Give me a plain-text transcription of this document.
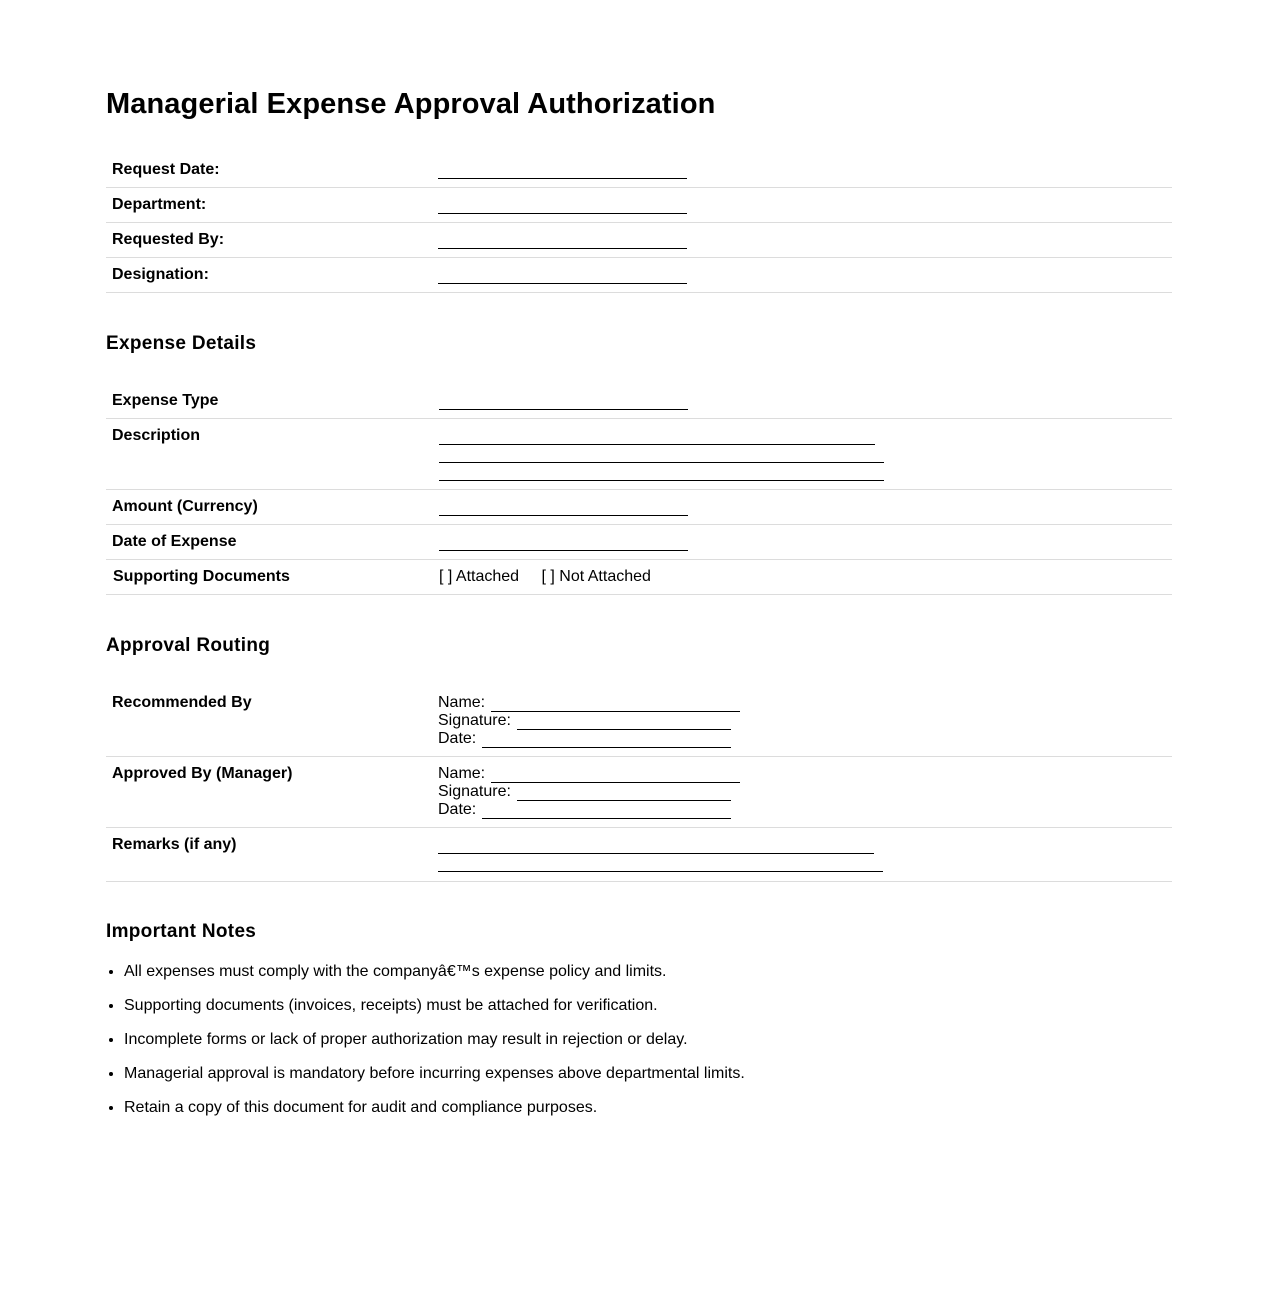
Managerial Expense Approval Authorization
Request Date:	

Department:	

Requested By:	

Designation:	
Expense Details
Expense Type	

Description	

Amount (Currency)	

Date of Expense	

Supporting Documents	[ ] Attached [ ] Not Attached
Approval Routing
Recommended By	Name:
Signature:
Date:

Approved By (Manager)	Name:
Signature:
Date:

Remarks (if any)	
Important Notes
• All expenses must comply with the companyâ€™s expense policy and limits.
• Supporting documents (invoices, receipts) must be attached for verification.
• Incomplete forms or lack of proper authorization may result in rejection or delay.
• Managerial approval is mandatory before incurring expenses above departmental limits.
• Retain a copy of this document for audit and compliance purposes.
